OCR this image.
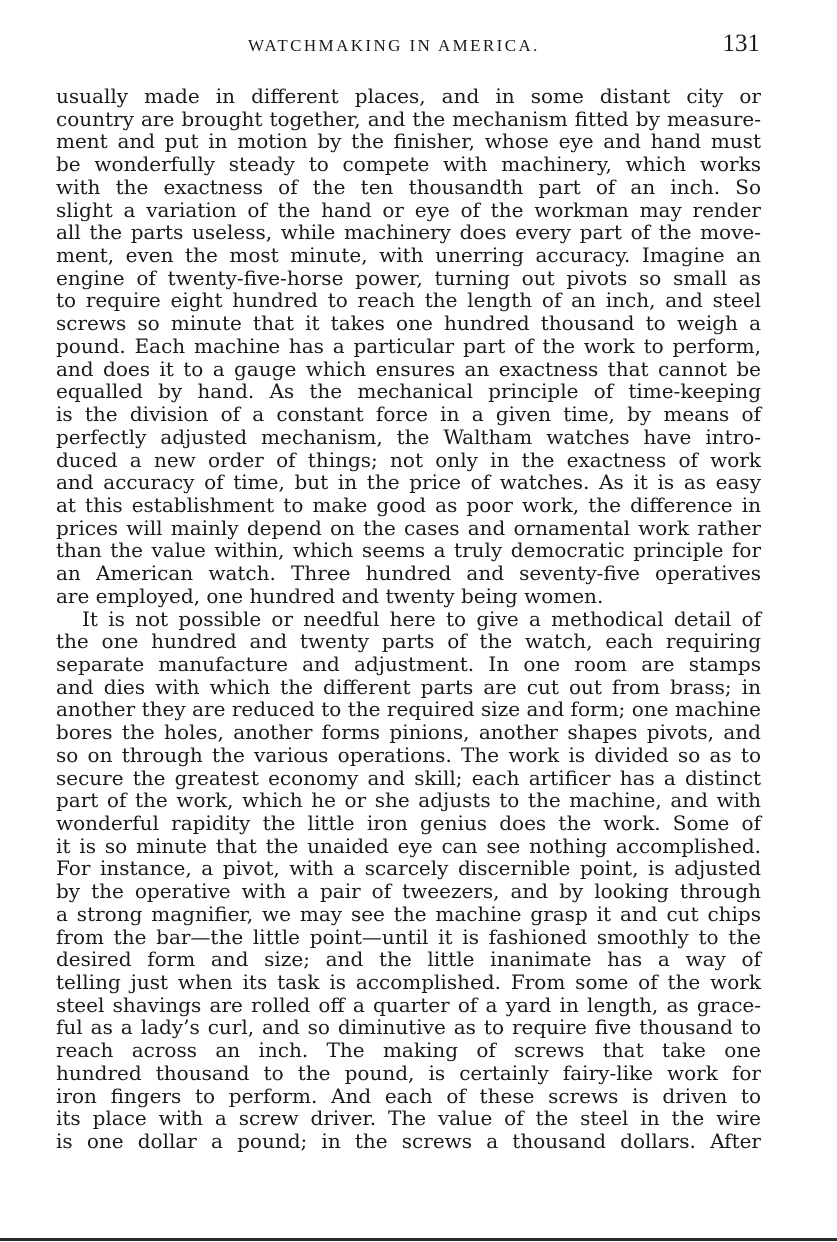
WATCHMAKING IN AMERICA.	131
usually made in different places, and in some distant city or
country are brought together, and the mechanism fitted by measure-
ment and put in motion by the finisher, whose eye and hand must
be wonderfully steady to compete with machinery, which works
with the exactness of the ten thousandth part of an inch. So
slight a variation of the hand or eye of the workman may render
all the parts useless, while machinery does every part of the move-
ment, even the most minute, with unerring accuracy. Imagine an
engine of twenty-five-horse power, turning out pivots so small as
to require eight hundred to reach the length of an inch, and steel
screws so minute that it takes one hundred thousand to weigh a
pound. Each machine has a particular part of the work to perform,
and does it to a gauge which ensures an exactness that cannot be
equalled by hand. As the mechanical principle of time-keeping
is the division of a constant force in a given time, by means of
perfectly adjusted mechanism, the Waltham watches have intro-
duced a new order of things; not only in the exactness of work
and accuracy of time, but in the price of watches. As it is as easy
at this establishment to make good as poor work, the difference in
prices will mainly depend on the cases and ornamental work rather
than the value within, which seems a truly democratic principle for
an American watch. Three hundred and seventy-five operatives
are employed, one hundred and twenty being women.
It is not possible or needful here to give a methodical detail of
the one hundred and twenty parts of the watch, each requiring
separate manufacture and adjustment. In one room are stamps
and dies with which the different parts are cut out from brass; in
another they are reduced to the required size and form; one machine
bores the holes, another forms pinions, another shapes pivots, and
so on through the various operations. The work is divided so as to
secure the greatest economy and skill; each artificer has a distinct
part of the work, which he or she adjusts to the machine, and with
wonderful rapidity the little iron genius does the work. Some of
it is so minute that the unaided eye can see nothing accomplished.
For instance, a pivot, with a scarcely discernible point, is adjusted
by the operative with a pair of tweezers, and by looking through
a strong magnifier, we may see the machine grasp it and cut chips
from the bar—the little point—until it is fashioned smoothly to the
desired form and size; and the little inanimate has a way of
telling just when its task is accomplished. From some of the work
steel shavings are rolled off a quarter of a yard in length, as grace-
ful as a lady’s curl, and so diminutive as to require five thousand to
reach across an inch. The making of screws that take one
hundred thousand to the pound, is certainly fairy-like work for
iron fingers to perform. And each of these screws is driven to
its place with a screw driver. The value of the steel in the wire
is one dollar a pound; in the screws a thousand dollars. After
